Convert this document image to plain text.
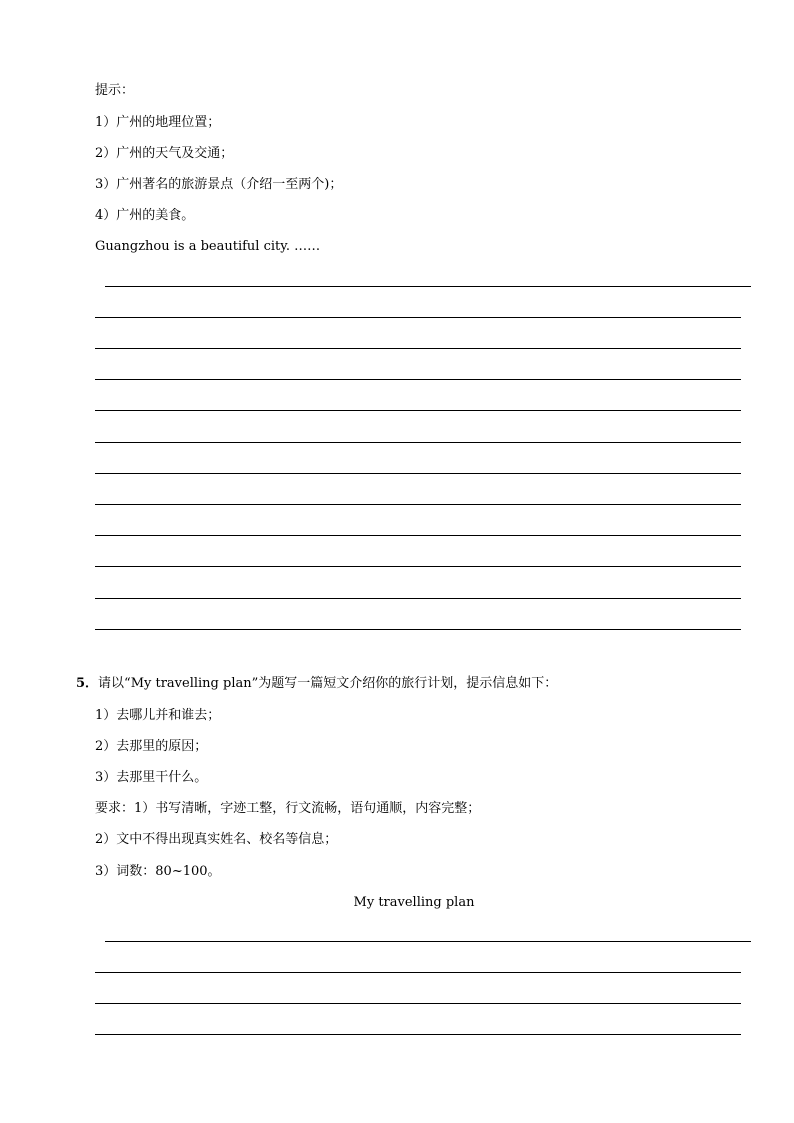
提示：
1）广州的地理位置；
2）广州的天气及交通；
3）广州著名的旅游景点（介绍一至两个)；
4）广州的美食。
Guangzhou is a beautiful city. ……
5．请以“My travelling plan”为题写一篇短文介绍你的旅行计划，提示信息如下：
1）去哪儿并和谁去；
2）去那里的原因；
3）去那里干什么。
要求：1）书写清晰，字迹工整，行文流畅，语句通顺，内容完整；
2）文中不得出现真实姓名、校名等信息；
3）词数：80~100。
My travelling plan
